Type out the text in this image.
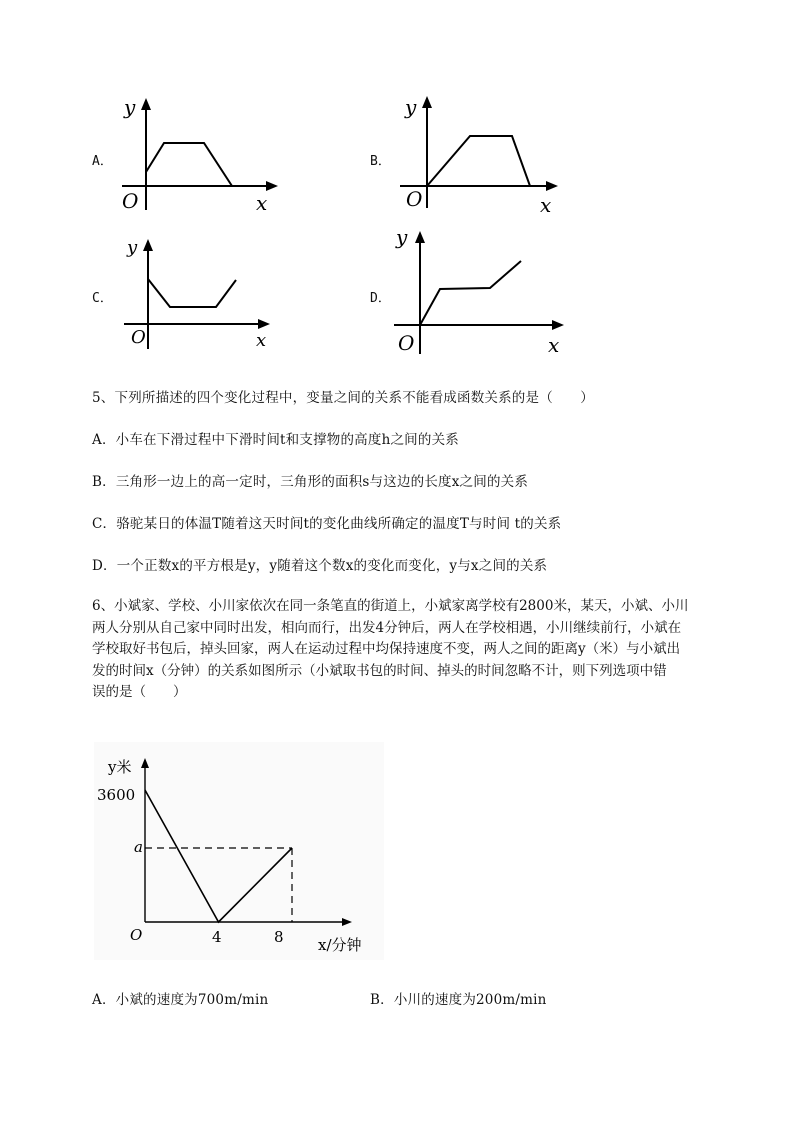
A．
y
x
O
B．
y
x
O
C．
y
x
O
D．
y
x
O
5、下列所描述的四个变化过程中，变量之间的关系不能看成函数关系的是（　　）
A．小车在下滑过程中下滑时间t和支撑物的高度h之间的关系
B．三角形一边上的高一定时，三角形的面积s与这边的长度x之间的关系
C．骆驼某日的体温T随着这天时间t的变化曲线所确定的温度T与时间 t的关系
D．一个正数x的平方根是y，y随着这个数x的变化而变化，y与x之间的关系
6、小斌家、学校、小川家依次在同一条笔直的街道上，小斌家离学校有2800米，某天，小斌、小川
两人分别从自己家中同时出发，相向而行，出发4分钟后，两人在学校相遇，小川继续前行，小斌在
学校取好书包后，掉头回家，两人在运动过程中均保持速度不变，两人之间的距离y（米）与小斌出
发的时间x（分钟）的关系如图所示（小斌取书包的时间、掉头的时间忽略不计，则下列选项中错
误的是（　　）
y米
3600
a
O	4	8 x/分钟
A．小斌的速度为700m/min	B．小川的速度为200m/min
